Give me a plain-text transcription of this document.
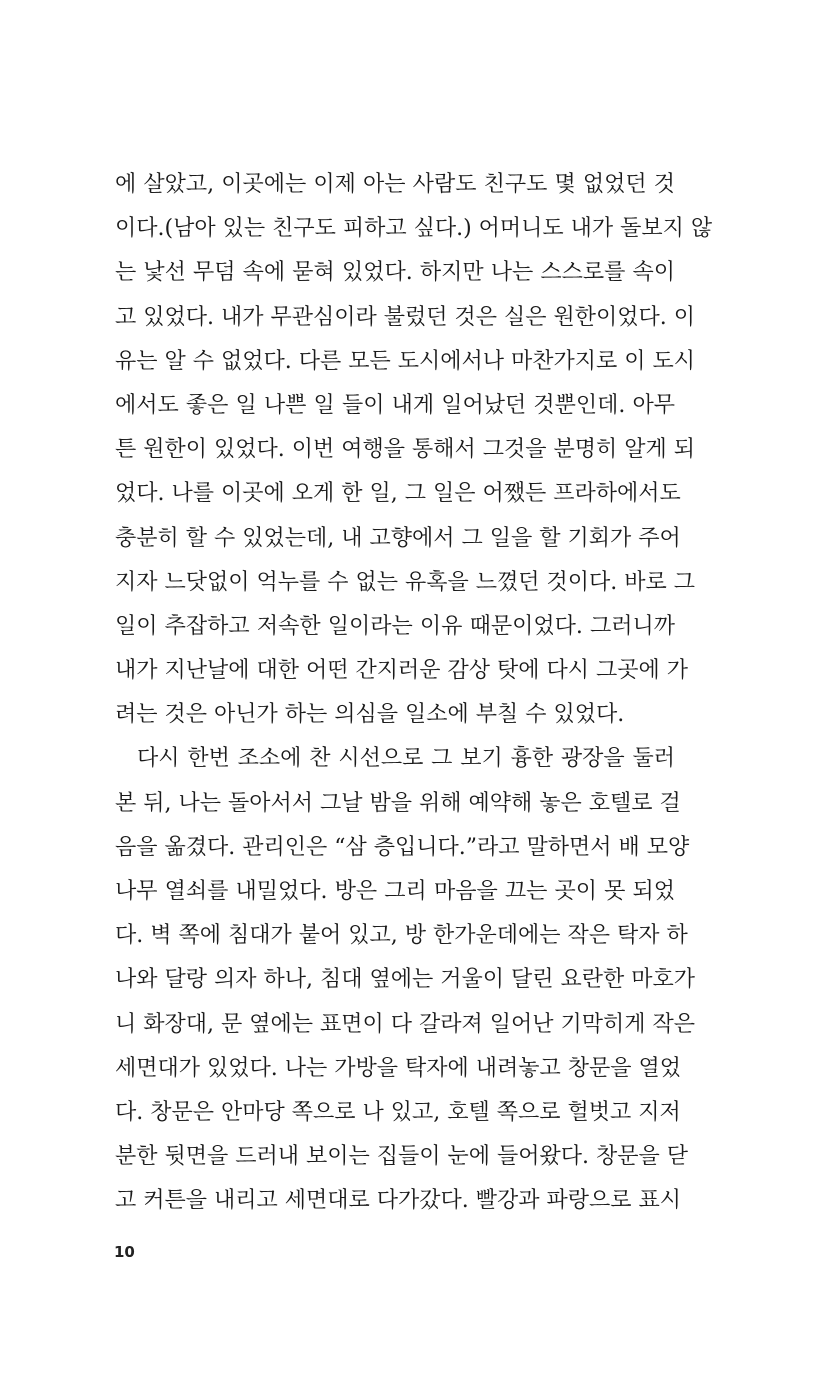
에 살았고, 이곳에는 이제 아는 사람도 친구도 몇 없었던 것
이다.(남아 있는 친구도 피하고 싶다.) 어머니도 내가 돌보지 않
는 낯선 무덤 속에 묻혀 있었다. 하지만 나는 스스로를 속이
고 있었다. 내가 무관심이라 불렀던 것은 실은 원한이었다. 이
유는 알 수 없었다. 다른 모든 도시에서나 마찬가지로 이 도시
에서도 좋은 일 나쁜 일 들이 내게 일어났던 것뿐인데. 아무
튼 원한이 있었다. 이번 여행을 통해서 그것을 분명히 알게 되
었다. 나를 이곳에 오게 한 일, 그 일은 어쨌든 프라하에서도
충분히 할 수 있었는데, 내 고향에서 그 일을 할 기회가 주어
지자 느닷없이 억누를 수 없는 유혹을 느꼈던 것이다. 바로 그
일이 추잡하고 저속한 일이라는 이유 때문이었다. 그러니까
내가 지난날에 대한 어떤 간지러운 감상 탓에 다시 그곳에 가
려는 것은 아닌가 하는 의심을 일소에 부칠 수 있었다.
다시 한번 조소에 찬 시선으로 그 보기 흉한 광장을 둘러
본 뒤, 나는 돌아서서 그날 밤을 위해 예약해 놓은 호텔로 걸
음을 옮겼다. 관리인은 “삼 층입니다.”라고 말하면서 배 모양
나무 열쇠를 내밀었다. 방은 그리 마음을 끄는 곳이 못 되었
다. 벽 쪽에 침대가 붙어 있고, 방 한가운데에는 작은 탁자 하
나와 달랑 의자 하나, 침대 옆에는 거울이 달린 요란한 마호가
니 화장대, 문 옆에는 표면이 다 갈라져 일어난 기막히게 작은
세면대가 있었다. 나는 가방을 탁자에 내려놓고 창문을 열었
다. 창문은 안마당 쪽으로 나 있고, 호텔 쪽으로 헐벗고 지저
분한 뒷면을 드러내 보이는 집들이 눈에 들어왔다. 창문을 닫
고 커튼을 내리고 세면대로 다가갔다. 빨강과 파랑으로 표시
10
